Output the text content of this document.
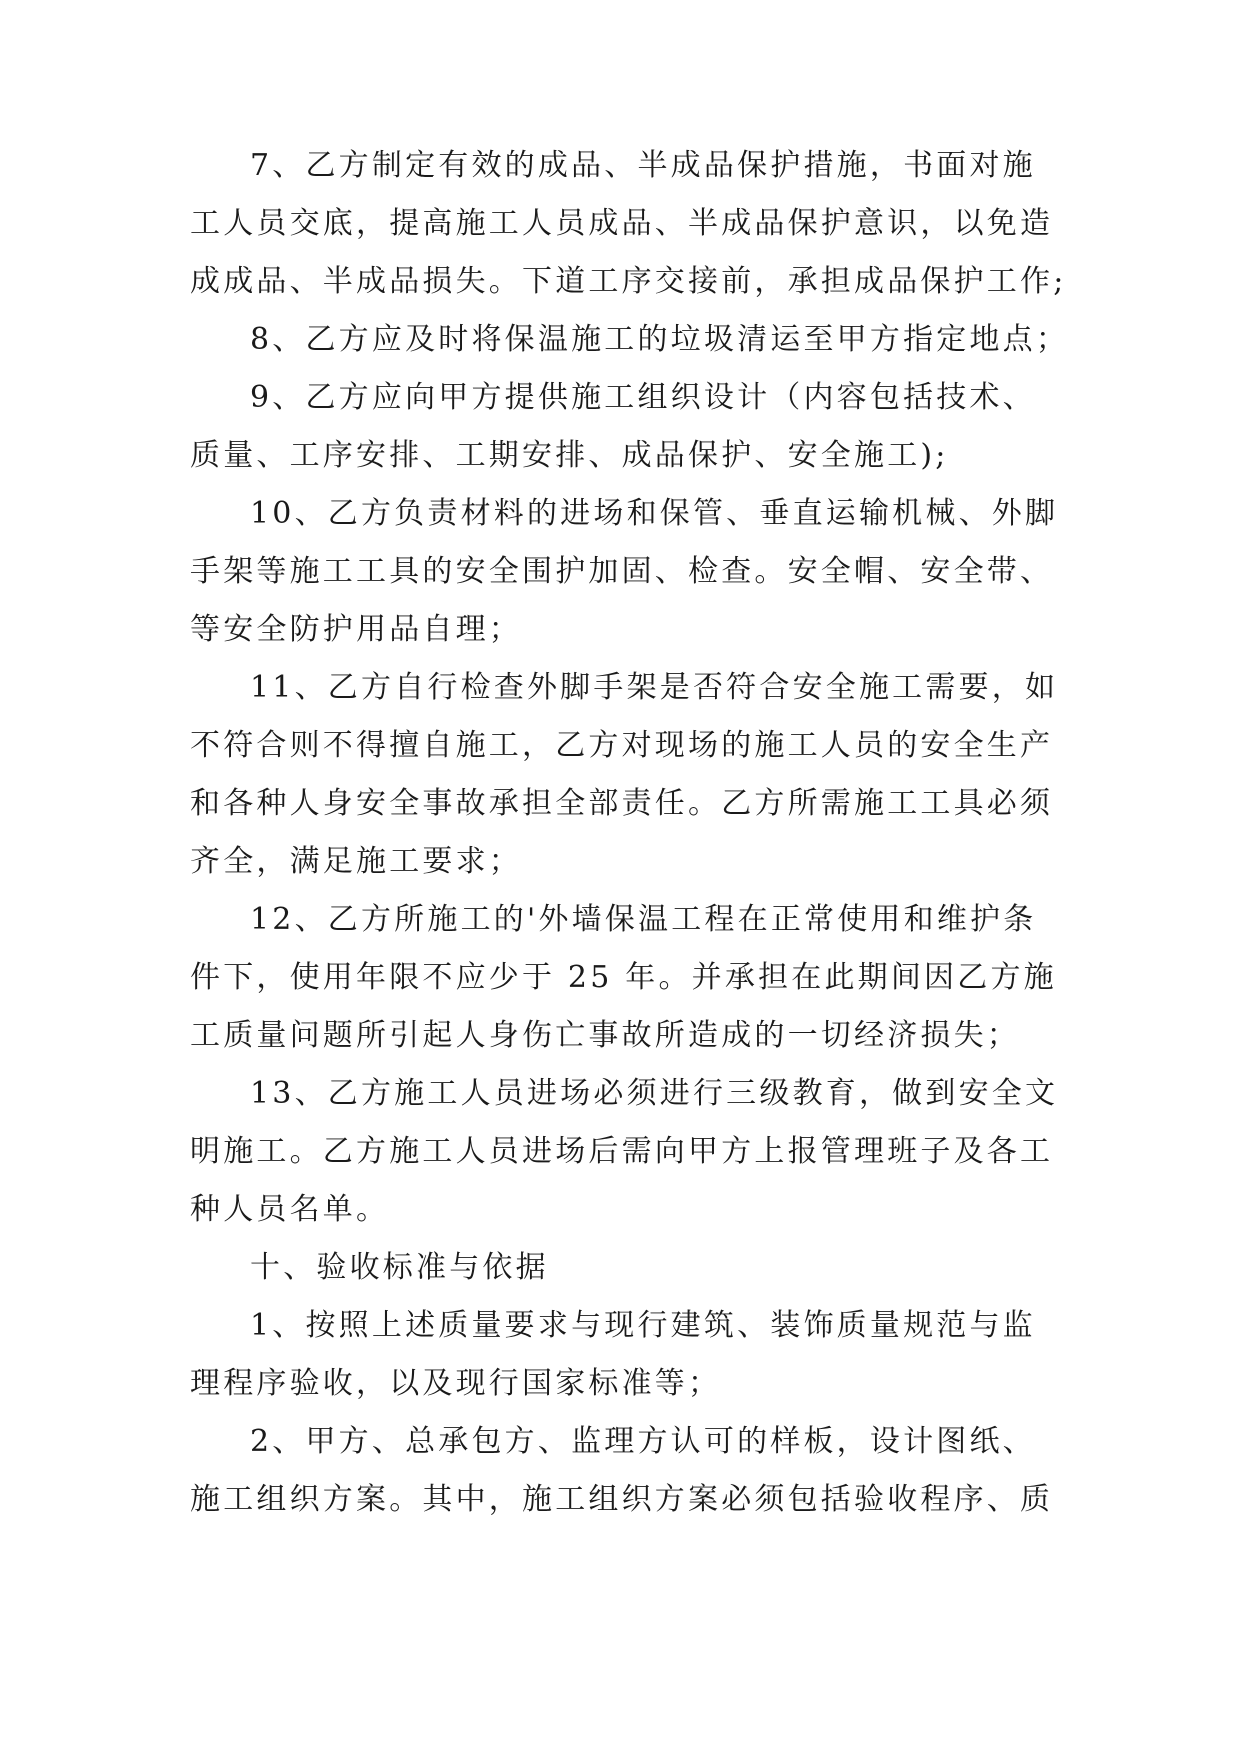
7、乙方制定有效的成品、半成品保护措施，书面对施
工人员交底，提高施工人员成品、半成品保护意识，以免造
成成品、半成品损失。下道工序交接前，承担成品保护工作;
8、乙方应及时将保温施工的垃圾清运至甲方指定地点；
9、乙方应向甲方提供施工组织设计（内容包括技术、
质量、工序安排、工期安排、成品保护、安全施工);
10、乙方负责材料的进场和保管、垂直运输机械、外脚
手架等施工工具的安全围护加固、检查。安全帽、安全带、
等安全防护用品自理；
11、乙方自行检查外脚手架是否符合安全施工需要，如
不符合则不得擅自施工，乙方对现场的施工人员的安全生产
和各种人身安全事故承担全部责任。乙方所需施工工具必须
齐全，满足施工要求；
12、乙方所施工的'外墙保温工程在正常使用和维护条
件下，使用年限不应少于 25 年。并承担在此期间因乙方施
工质量问题所引起人身伤亡事故所造成的一切经济损失；
13、乙方施工人员进场必须进行三级教育，做到安全文
明施工。乙方施工人员进场后需向甲方上报管理班子及各工
种人员名单。
十、验收标准与依据
1、按照上述质量要求与现行建筑、装饰质量规范与监
理程序验收，以及现行国家标准等；
2、甲方、总承包方、监理方认可的样板，设计图纸、
施工组织方案。其中，施工组织方案必须包括验收程序、质
